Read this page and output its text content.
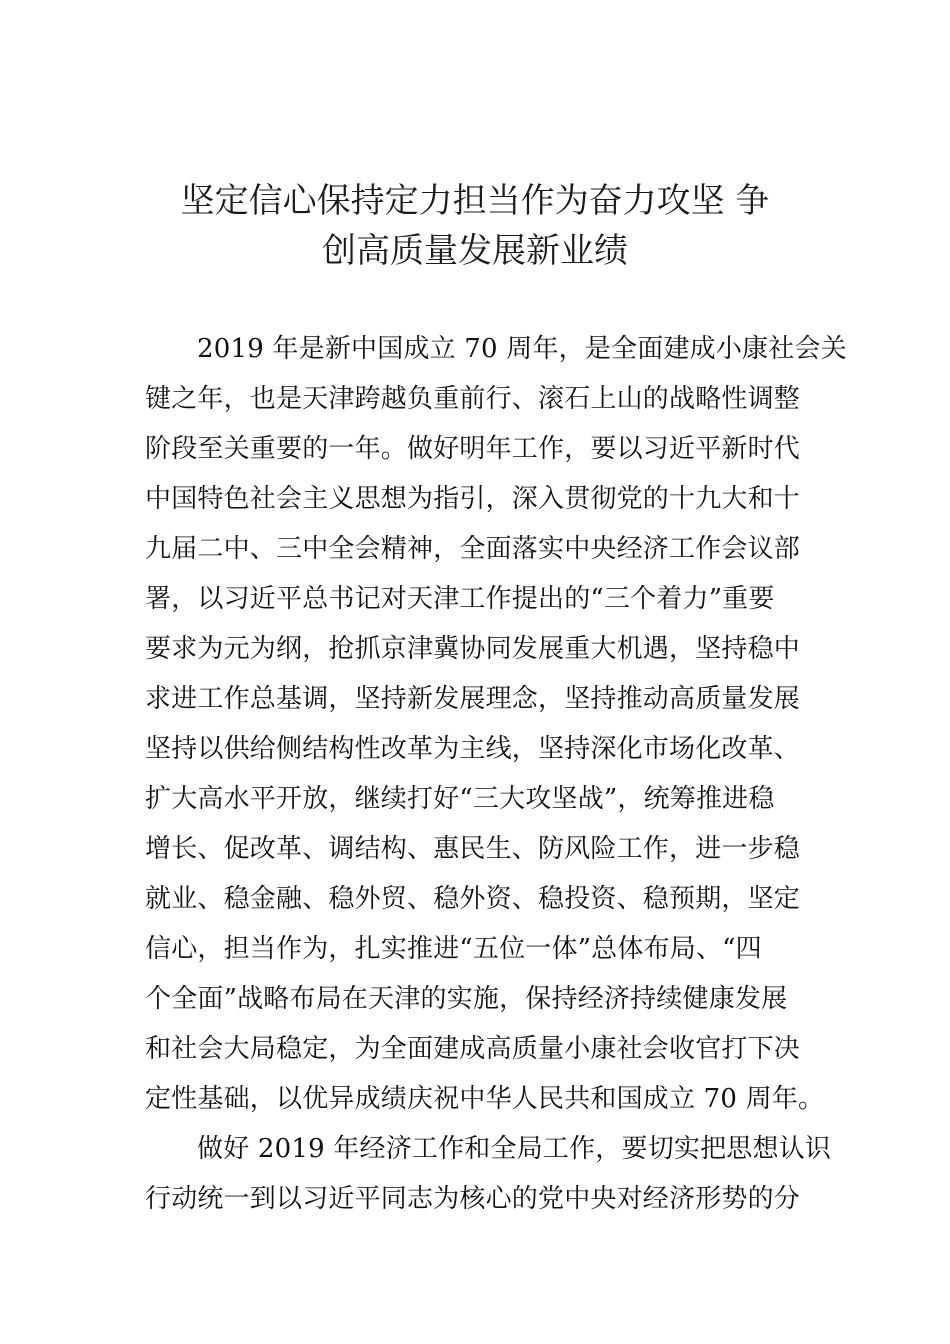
坚定信心保持定力担当作为奋力攻坚 争
创高质量发展新业绩
2019 年是新中国成立 70 周年，是全面建成小康社会关
键之年，也是天津跨越负重前行、滚石上山的战略性调整
阶段至关重要的一年。做好明年工作，要以习近平新时代
中国特色社会主义思想为指引，深入贯彻党的十九大和十
九届二中、三中全会精神，全面落实中央经济工作会议部
署，以习近平总书记对天津工作提出的“三个着力”重要
要求为元为纲，抢抓京津冀协同发展重大机遇，坚持稳中
求进工作总基调，坚持新发展理念，坚持推动高质量发展
坚持以供给侧结构性改革为主线，坚持深化市场化改革、
扩大高水平开放，继续打好“三大攻坚战”，统筹推进稳
增长、促改革、调结构、惠民生、防风险工作，进一步稳
就业、稳金融、稳外贸、稳外资、稳投资、稳预期，坚定
信心，担当作为，扎实推进“五位一体”总体布局、“四
个全面”战略布局在天津的实施，保持经济持续健康发展
和社会大局稳定，为全面建成高质量小康社会收官打下决
定性基础，以优异成绩庆祝中华人民共和国成立 70 周年。
做好 2019 年经济工作和全局工作，要切实把思想认识
行动统一到以习近平同志为核心的党中央对经济形势的分
